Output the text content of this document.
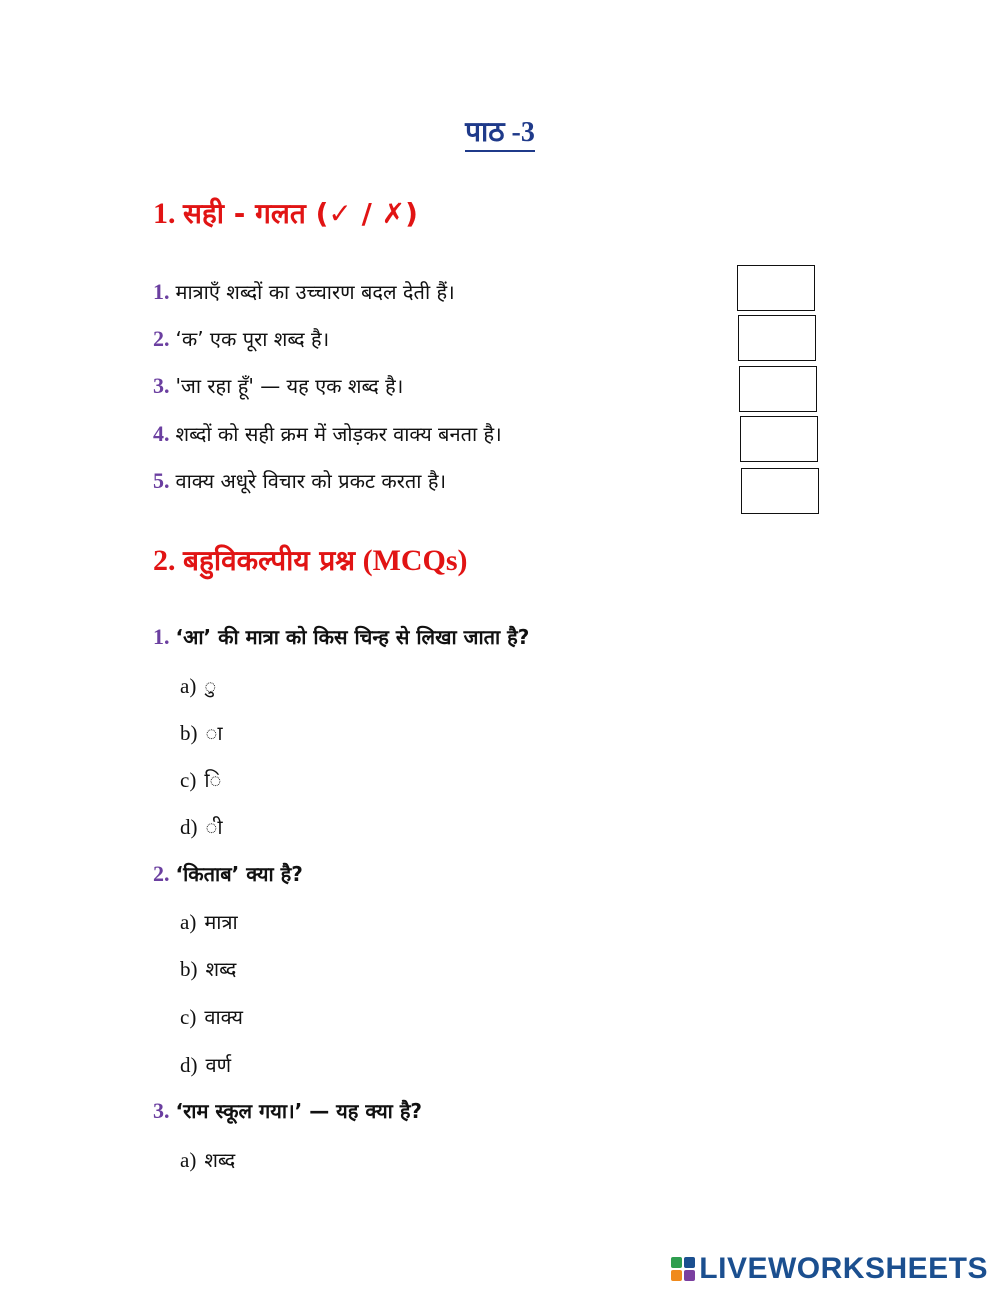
पाठ -3
1. सही - गलत (✓ / ✗)
1. मात्राएँ शब्दों का उच्चारण बदल देती हैं।
2. ‘क’ एक पूरा शब्द है।
3. 'जा रहा हूँ' — यह एक शब्द है।
4. शब्दों को सही क्रम में जोड़कर वाक्य बनता है।
5. वाक्य अधूरे विचार को प्रकट करता है।
2. बहुविकल्पीय प्रश्न (MCQs)
1. ‘आ’ की मात्रा को किस चिन्ह से लिखा जाता है?
a) ु
b) ा
c) ि
d) ी
2. ‘किताब’ क्या है?
a) मात्रा
b) शब्द
c) वाक्य
d) वर्ण
3. ‘राम स्कूल गया।’ — यह क्या है?
a) शब्द
LIVEWORKSHEETS
